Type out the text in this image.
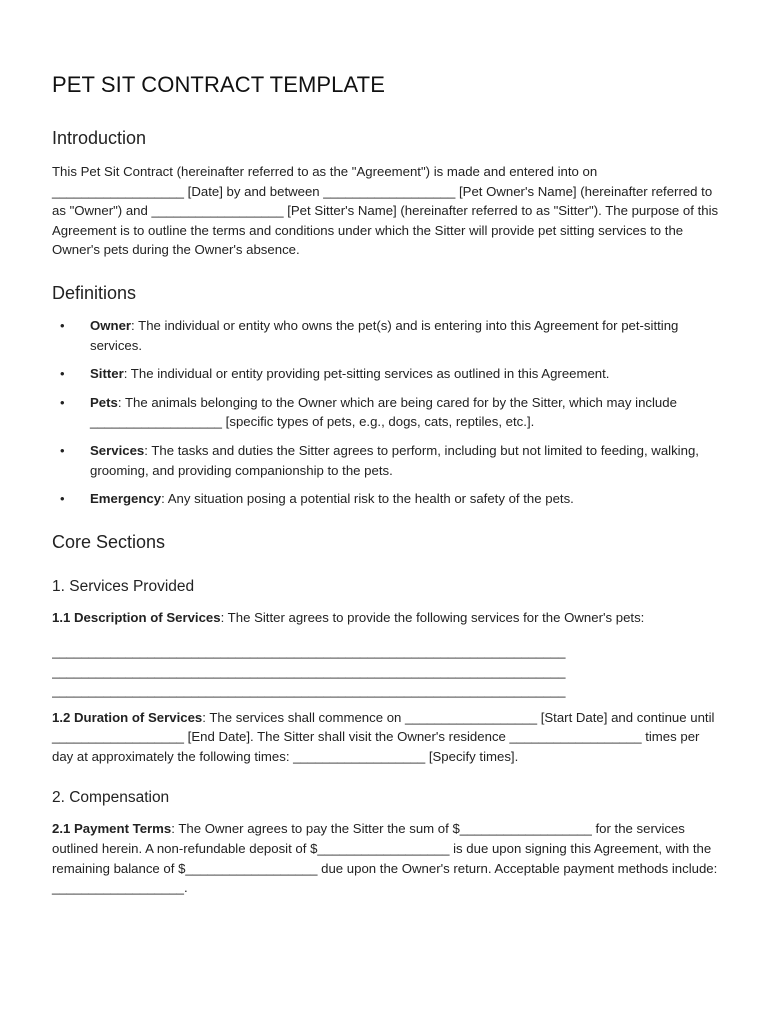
PET SIT CONTRACT TEMPLATE
Introduction

This Pet Sit Contract (hereinafter referred to as the "Agreement") is made and entered into on __________________ [Date] by and between __________________ [Pet Owner's Name] (hereinafter referred to as "Owner") and __________________ [Pet Sitter's Name] (hereinafter referred to as "Sitter"). The purpose of this Agreement is to outline the terms and conditions under which the Sitter will provide pet sitting services to the Owner's pets during the Owner's absence.

Definitions
• Owner: The individual or entity who owns the pet(s) and is entering into this Agreement for pet-sitting services.
• Sitter: The individual or entity providing pet-sitting services as outlined in this Agreement.
• Pets: The animals belonging to the Owner which are being cared for by the Sitter, which may include __________________ [specific types of pets, e.g., dogs, cats, reptiles, etc.].
• Services: The tasks and duties the Sitter agrees to perform, including but not limited to feeding, walking, grooming, and providing companionship to the pets.
• Emergency: Any situation posing a potential risk to the health or safety of the pets.
Core Sections
1. Services Provided

1.1 Description of Services: The Sitter agrees to provide the following services for the Owner's pets:

______________________________________________________________________

______________________________________________________________________

______________________________________________________________________

1.2 Duration of Services: The services shall commence on __________________ [Start Date] and continue until __________________ [End Date]. The Sitter shall visit the Owner's residence __________________ times per day at approximately the following times: __________________ [Specify times].

2. Compensation

2.1 Payment Terms: The Owner agrees to pay the Sitter the sum of $__________________ for the services outlined herein. A non-refundable deposit of $__________________ is due upon signing this Agreement, with the remaining balance of $__________________ due upon the Owner's return. Acceptable payment methods include: __________________.
